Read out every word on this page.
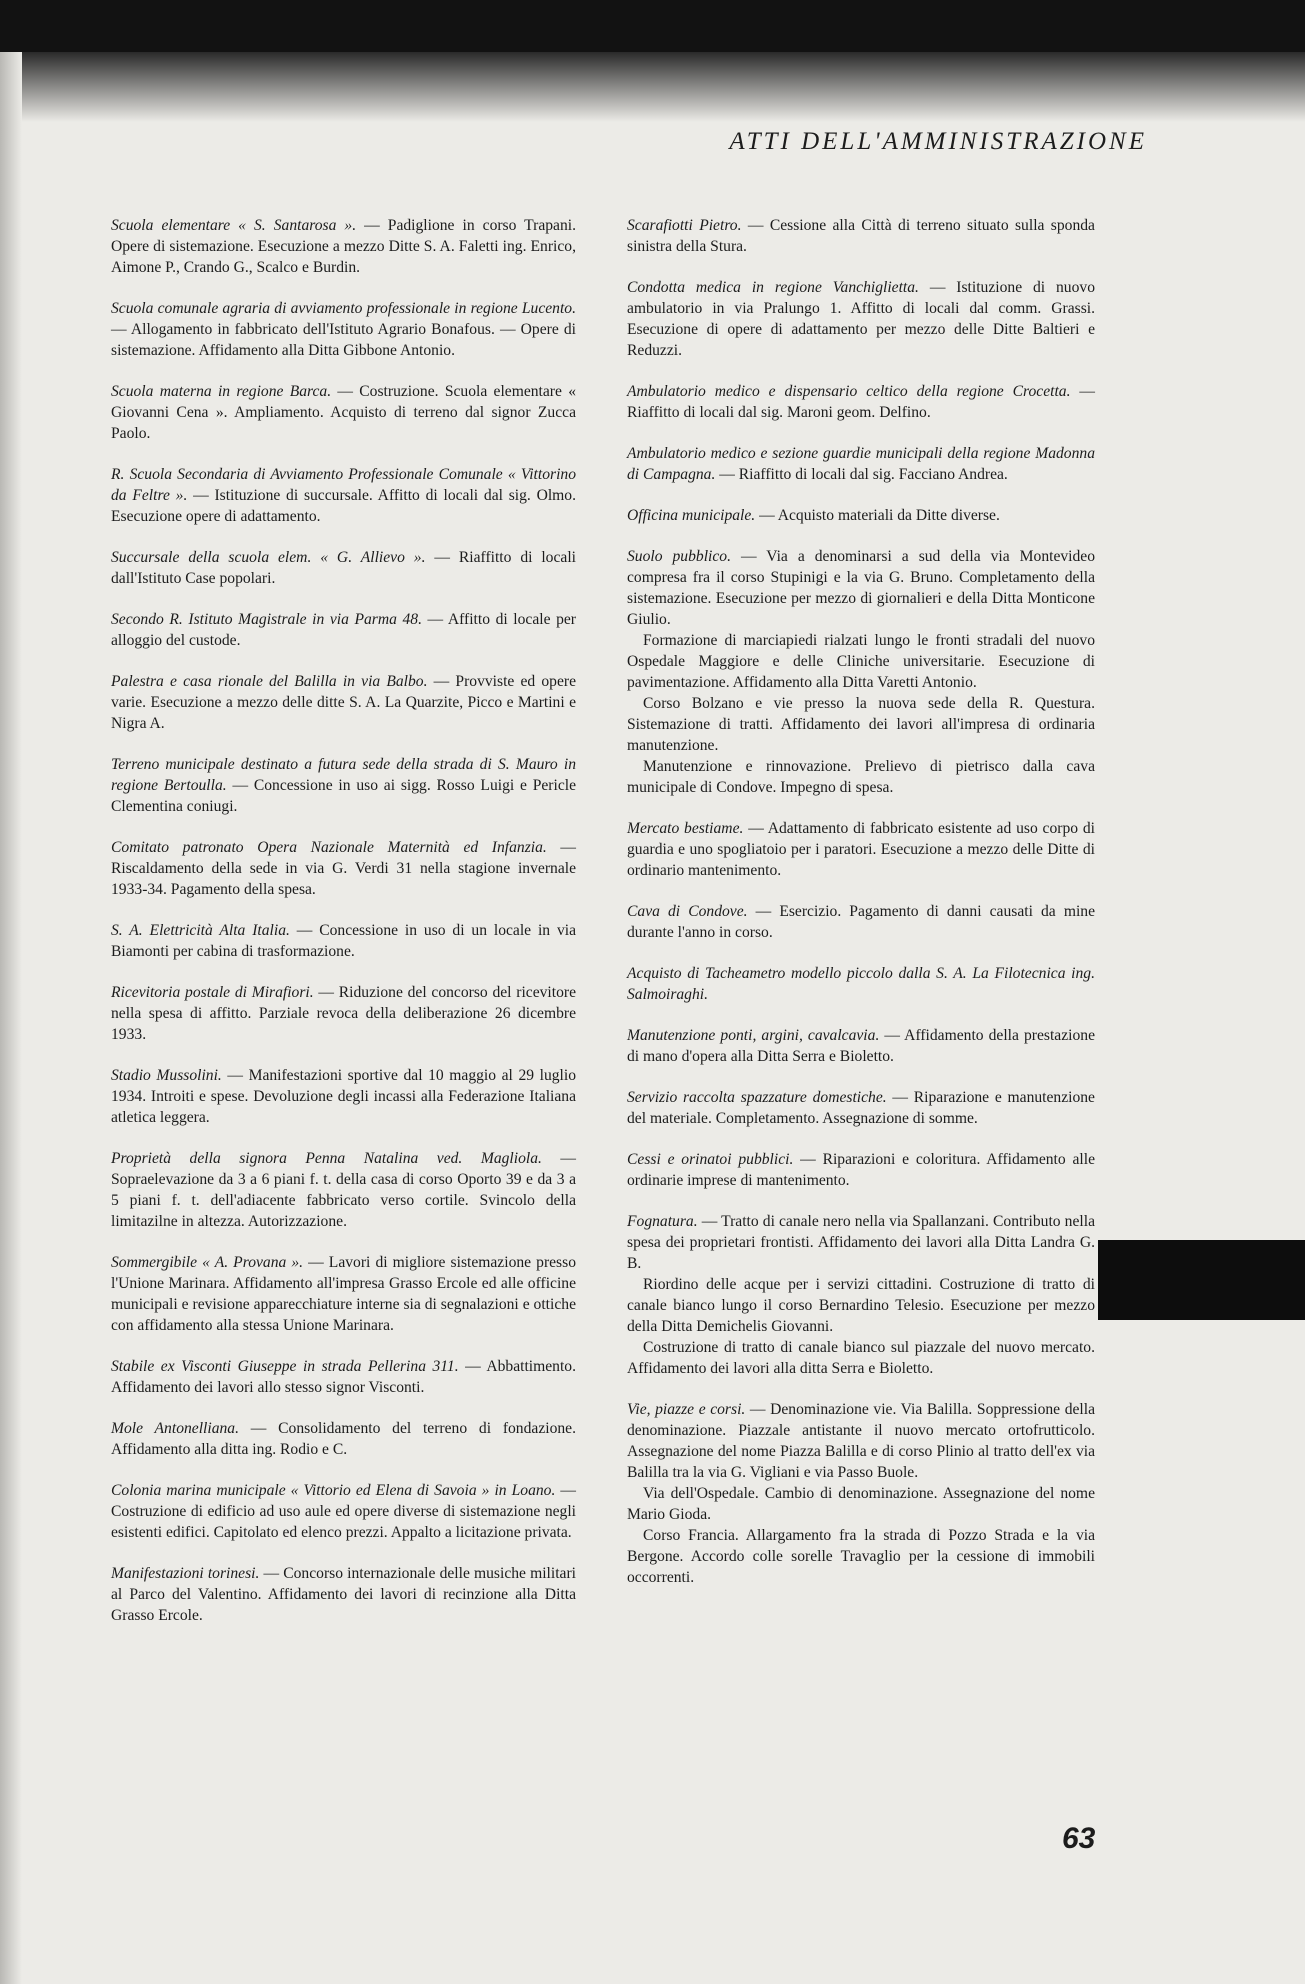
ATTI DELL'AMMINISTRAZIONE

Scuola elementare « S. Santarosa ». — Padiglione in corso Trapani. Opere di sistemazione. Esecuzione a mezzo Ditte S. A. Faletti ing. Enrico, Aimone P., Crando G., Scalco e Burdin.

Scuola comunale agraria di avviamento professionale in regione Lucento. — Allogamento in fabbricato dell'Istituto Agrario Bonafous. — Opere di sistemazione. Affidamento alla Ditta Gibbone Antonio.

Scuola materna in regione Barca. — Costruzione. Scuola elementare « Giovanni Cena ». Ampliamento. Acquisto di terreno dal signor Zucca Paolo.

R. Scuola Secondaria di Avviamento Professionale Comunale « Vittorino da Feltre ». — Istituzione di succursale. Affitto di locali dal sig. Olmo. Esecuzione opere di adattamento.

Succursale della scuola elem. « G. Allievo ». — Riaffitto di locali dall'Istituto Case popolari.

Secondo R. Istituto Magistrale in via Parma 48. — Affitto di locale per alloggio del custode.

Palestra e casa rionale del Balilla in via Balbo. — Provviste ed opere varie. Esecuzione a mezzo delle ditte S. A. La Quarzite, Picco e Martini e Nigra A.

Terreno municipale destinato a futura sede della strada di S. Mauro in regione Bertoulla. — Concessione in uso ai sigg. Rosso Luigi e Pericle Clementina coniugi.

Comitato patronato Opera Nazionale Maternità ed Infanzia. — Riscaldamento della sede in via G. Verdi 31 nella stagione invernale 1933-34. Pagamento della spesa.

S. A. Elettricità Alta Italia. — Concessione in uso di un locale in via Biamonti per cabina di trasformazione.

Ricevitoria postale di Mirafiori. — Riduzione del concorso del ricevitore nella spesa di affitto. Parziale revoca della deliberazione 26 dicembre 1933.

Stadio Mussolini. — Manifestazioni sportive dal 10 maggio al 29 luglio 1934. Introiti e spese. Devoluzione degli incassi alla Federazione Italiana atletica leggera.

Proprietà della signora Penna Natalina ved. Magliola. — Sopraelevazione da 3 a 6 piani f. t. della casa di corso Oporto 39 e da 3 a 5 piani f. t. dell'adiacente fabbricato verso cortile. Svincolo della limitazilne in altezza. Autorizzazione.

Sommergibile « A. Provana ». — Lavori di migliore sistemazione presso l'Unione Marinara. Affidamento all'impresa Grasso Ercole ed alle officine municipali e revisione apparecchiature interne sia di segnalazioni e ottiche con affidamento alla stessa Unione Marinara.

Stabile ex Visconti Giuseppe in strada Pellerina 311. — Abbattimento. Affidamento dei lavori allo stesso signor Visconti.

Mole Antonelliana. — Consolidamento del terreno di fondazione. Affidamento alla ditta ing. Rodio e C.

Colonia marina municipale « Vittorio ed Elena di Savoia » in Loano. — Costruzione di edificio ad uso aule ed opere diverse di sistemazione negli esistenti edifici. Capitolato ed elenco prezzi. Appalto a licitazione privata.

Manifestazioni torinesi. — Concorso internazionale delle musiche militari al Parco del Valentino. Affidamento dei lavori di recinzione alla Ditta Grasso Ercole.

Scarafiotti Pietro. — Cessione alla Città di terreno situato sulla sponda sinistra della Stura.

Condotta medica in regione Vanchiglietta. — Istituzione di nuovo ambulatorio in via Pralungo 1. Affitto di locali dal comm. Grassi. Esecuzione di opere di adattamento per mezzo delle Ditte Baltieri e Reduzzi.

Ambulatorio medico e dispensario celtico della regione Crocetta. — Riaffitto di locali dal sig. Maroni geom. Delfino.

Ambulatorio medico e sezione guardie municipali della regione Madonna di Campagna. — Riaffitto di locali dal sig. Facciano Andrea.

Officina municipale. — Acquisto materiali da Ditte diverse.

Suolo pubblico. — Via a denominarsi a sud della via Montevideo compresa fra il corso Stupinigi e la via G. Bruno. Completamento della sistemazione. Esecuzione per mezzo di giornalieri e della Ditta Monticone Giulio.
Formazione di marciapiedi rialzati lungo le fronti stradali del nuovo Ospedale Maggiore e delle Cliniche universitarie. Esecuzione di pavimentazione. Affidamento alla Ditta Varetti Antonio.
Corso Bolzano e vie presso la nuova sede della R. Questura. Sistemazione di tratti. Affidamento dei lavori all'impresa di ordinaria manutenzione.
Manutenzione e rinnovazione. Prelievo di pietrisco dalla cava municipale di Condove. Impegno di spesa.

Mercato bestiame. — Adattamento di fabbricato esistente ad uso corpo di guardia e uno spogliatoio per i paratori. Esecuzione a mezzo delle Ditte di ordinario mantenimento.

Cava di Condove. — Esercizio. Pagamento di danni causati da mine durante l'anno in corso.

Acquisto di Tacheametro modello piccolo dalla S. A. La Filotecnica ing. Salmoiraghi.

Manutenzione ponti, argini, cavalcavia. — Affidamento della prestazione di mano d'opera alla Ditta Serra e Bioletto.

Servizio raccolta spazzature domestiche. — Riparazione e manutenzione del materiale. Completamento. Assegnazione di somme.

Cessi e orinatoi pubblici. — Riparazioni e coloritura. Affidamento alle ordinarie imprese di mantenimento.

Fognatura. — Tratto di canale nero nella via Spallanzani. Contributo nella spesa dei proprietari frontisti. Affidamento dei lavori alla Ditta Landra G. B.
Riordino delle acque per i servizi cittadini. Costruzione di tratto di canale bianco lungo il corso Bernardino Telesio. Esecuzione per mezzo della Ditta Demichelis Giovanni.
Costruzione di tratto di canale bianco sul piazzale del nuovo mercato. Affidamento dei lavori alla ditta Serra e Bioletto.

Vie, piazze e corsi. — Denominazione vie. Via Balilla. Soppressione della denominazione. Piazzale antistante il nuovo mercato ortofrutticolo. Assegnazione del nome Piazza Balilla e di corso Plinio al tratto dell'ex via Balilla tra la via G. Vigliani e via Passo Buole.
Via dell'Ospedale. Cambio di denominazione. Assegnazione del nome Mario Gioda.
Corso Francia. Allargamento fra la strada di Pozzo Strada e la via Bergone. Accordo colle sorelle Travaglio per la cessione di immobili occorrenti.

63
